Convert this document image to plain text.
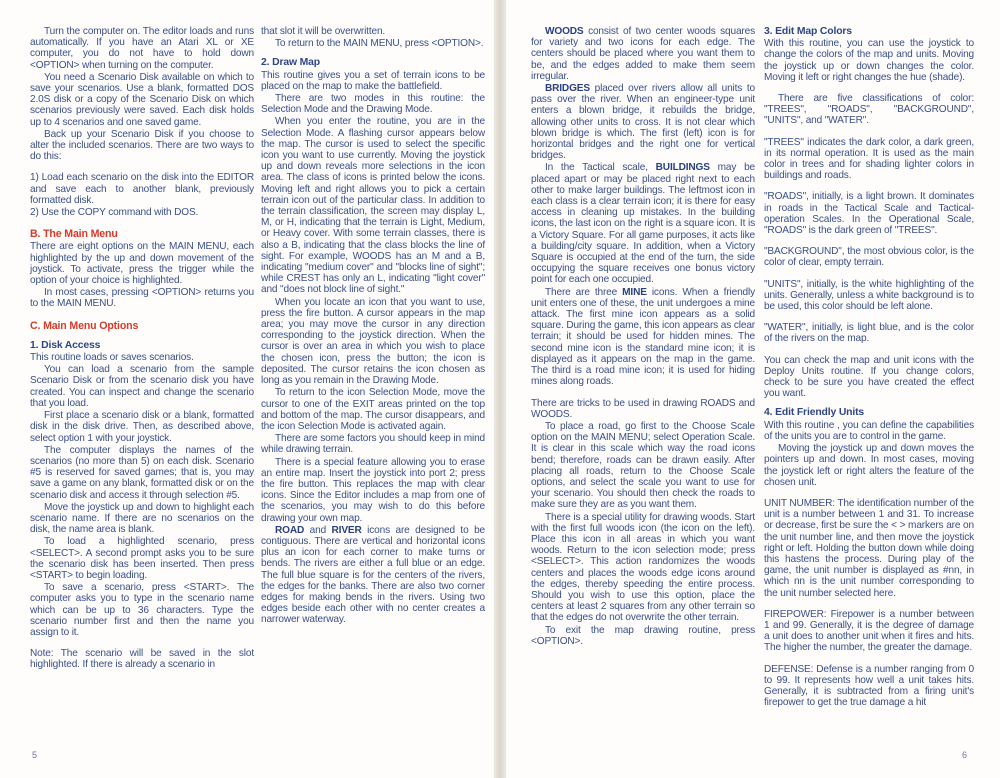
Turn the computer on. The editor loads and runs automatically. If you have an Atari XL or XE computer, you do not have to hold down <OPTION> when turning on the computer.

You need a Scenario Disk available on which to save your scenarios. Use a blank, formatted DOS 2.0S disk or a copy of the Scenario Disk on which scenarios previously were saved. Each disk holds up to 4 scenarios and one saved game.

Back up your Scenario Disk if you choose to alter the included scenarios. There are two ways to do this:

1) Load each scenario on the disk into the EDITOR and save each to another blank, previously formatted disk.

2) Use the COPY command with DOS.

B. The Main Menu

There are eight options on the MAIN MENU, each highlighted by the up and down movement of the joystick. To activate, press the trigger while the option of your choice is highlighted.

In most cases, pressing <OPTION> returns you to the MAIN MENU.

C. Main Menu Options
1. Disk Access

This routine loads or saves scenarios.

You can load a scenario from the sample Scenario Disk or from the scenario disk you have created. You can inspect and change the scenario that you load.

First place a scenario disk or a blank, formatted disk in the disk drive. Then, as described above, select option 1 with your joystick.

The computer displays the names of the scenarios (no more than 5) on each disk. Scenario #5 is reserved for saved games; that is, you may save a game on any blank, formatted disk or on the scenario disk and access it through selection #5.

Move the joystick up and down to highlight each scenario name. If there are no scenarios on the disk, the name area is blank.

To load a highlighted scenario, press <SELECT>. A second prompt asks you to be sure the scenario disk has been inserted. Then press <START> to begin loading.

To save a scenario, press <START>. The computer asks you to type in the scenario name which can be up to 36 characters. Type the scenario number first and then the name you assign to it.

Note: The scenario will be saved in the slot highlighted. If there is already a scenario in

that slot it will be overwritten.

To return to the MAIN MENU, press <OPTION>.

2. Draw Map

This routine gives you a set of terrain icons to be placed on the map to make the battlefield.

There are two modes in this routine: the Selection Mode and the Drawing Mode.

When you enter the routine, you are in the Selection Mode. A flashing cursor appears below the map. The cursor is used to select the specific icon you want to use currently. Moving the joystick up and down reveals more selections in the icon area. The class of icons is printed below the icons. Moving left and right allows you to pick a certain terrain icon out of the particular class. In addition to the terrain classification, the screen may display L, M, or H, indicating that the terrain is Light, Medium, or Heavy cover. With some terrain classes, there is also a B, indicating that the class blocks the line of sight. For example, WOODS has an M and a B, indicating "medium cover" and "blocks line of sight"; while CREST has only an L, indicating "light cover" and "does not block line of sight."

When you locate an icon that you want to use, press the fire button. A cursor appears in the map area; you may move the cursor in any direction corresponding to the joystick direction. When the cursor is over an area in which you wish to place the chosen icon, press the button; the icon is deposited. The cursor retains the icon chosen as long as you remain in the Drawing Mode.

To return to the icon Selection Mode, move the cursor to one of the EXIT areas printed on the top and bottom of the map. The cursor disappears, and the icon Selection Mode is activated again.

There are some factors you should keep in mind while drawing terrain.

There is a special feature allowing you to erase an entire map. Insert the joystick into port 2; press the fire button. This replaces the map with clear icons. Since the Editor includes a map from one of the scenarios, you may wish to do this before drawing your own map.

ROAD and RIVER icons are designed to be contiguous. There are vertical and horizontal icons plus an icon for each corner to make turns or bends. The rivers are either a full blue or an edge. The full blue square is for the centers of the rivers, the edges for the banks. There are also two corner edges for making bends in the rivers. Using two edges beside each other with no center creates a narrower waterway.

WOODS consist of two center woods squares for variety and two icons for each edge. The centers should be placed where you want them to be, and the edges added to make them seem irregular.

BRIDGES placed over rivers allow all units to pass over the river. When an engineer-type unit enters a blown bridge, it rebuilds the bridge, allowing other units to cross. It is not clear which blown bridge is which. The first (left) icon is for horizontal bridges and the right one for vertical bridges.

In the Tactical scale, BUILDINGS may be placed apart or may be placed right next to each other to make larger buildings. The leftmost icon in each class is a clear terrain icon; it is there for easy access in cleaning up mistakes. In the building icons, the last icon on the right is a square icon. It is a Victory Square. For all game purposes, it acts like a building/city square. In addition, when a Victory Square is occupied at the end of the turn, the side occupying the square receives one bonus victory point for each one occupied.

There are three MINE icons. When a friendly unit enters one of these, the unit undergoes a mine attack. The first mine icon appears as a solid square. During the game, this icon appears as clear terrain; it should be used for hidden mines. The second mine icon is the standard mine icon; it is displayed as it appears on the map in the game. The third is a road mine icon; it is used for hiding mines along roads.

There are tricks to be used in drawing ROADS and WOODS.

To place a road, go first to the Choose Scale option on the MAIN MENU; select Operation Scale. It is clear in this scale which way the road icons bend; therefore, roads can be drawn easily. After placing all roads, return to the Choose Scale options, and select the scale you want to use for your scenario. You should then check the roads to make sure they are as you want them.

There is a special utility for drawing woods. Start with the first full woods icon (the icon on the left). Place this icon in all areas in which you want woods. Return to the icon selection mode; press <SELECT>. This action randomizes the woods centers and places the woods edge icons around the edges, thereby speeding the entire process. Should you wish to use this option, place the centers at least 2 squares from any other terrain so that the edges do not overwrite the other terrain.

To exit the map drawing routine, press <OPTION>.

3. Edit Map Colors

With this routine, you can use the joystick to change the colors of the map and units. Moving the joystick up or down changes the color. Moving it left or right changes the hue (shade).

There are five classifications of color: "TREES", "ROADS", "BACKGROUND", "UNITS", and "WATER".

"TREES" indicates the dark color, a dark green, in its normal operation. It is used as the main color in trees and for shading lighter colors in buildings and roads.

"ROADS", initially, is a light brown. It dominates in roads in the Tactical Scale and Tactical-operation Scales. In the Operational Scale, "ROADS" is the dark green of "TREES".

"BACKGROUND", the most obvious color, is the color of clear, empty terrain.

"UNITS", initially, is the white highlighting of the units. Generally, unless a white background is to be used, this color should be left alone.

"WATER", initially, is light blue, and is the color of the rivers on the map.

You can check the map and unit icons with the Deploy Units routine. If you change colors, check to be sure you have created the effect you want.

4. Edit Friendly Units

With this routine , you can define the capabilities of the units you are to control in the game.

Moving the joystick up and down moves the pointers up and down. In most cases, moving the joystick left or right alters the feature of the chosen unit.

UNIT NUMBER: The identification number of the unit is a number between 1 and 31. To increase or decrease, first be sure the < > markers are on the unit number line, and then move the joystick right or left. Holding the button down while doing this hastens the process. During play of the game, the unit number is displayed as #nn, in which nn is the unit number corresponding to the unit number selected here.

FIREPOWER: Firepower is a number between 1 and 99. Generally, it is the degree of damage a unit does to another unit when it fires and hits. The higher the number, the greater the damage.

DEFENSE: Defense is a number ranging from 0 to 99. It represents how well a unit takes hits. Generally, it is subtracted from a firing unit's firepower to get the true damage a hit

5	6
